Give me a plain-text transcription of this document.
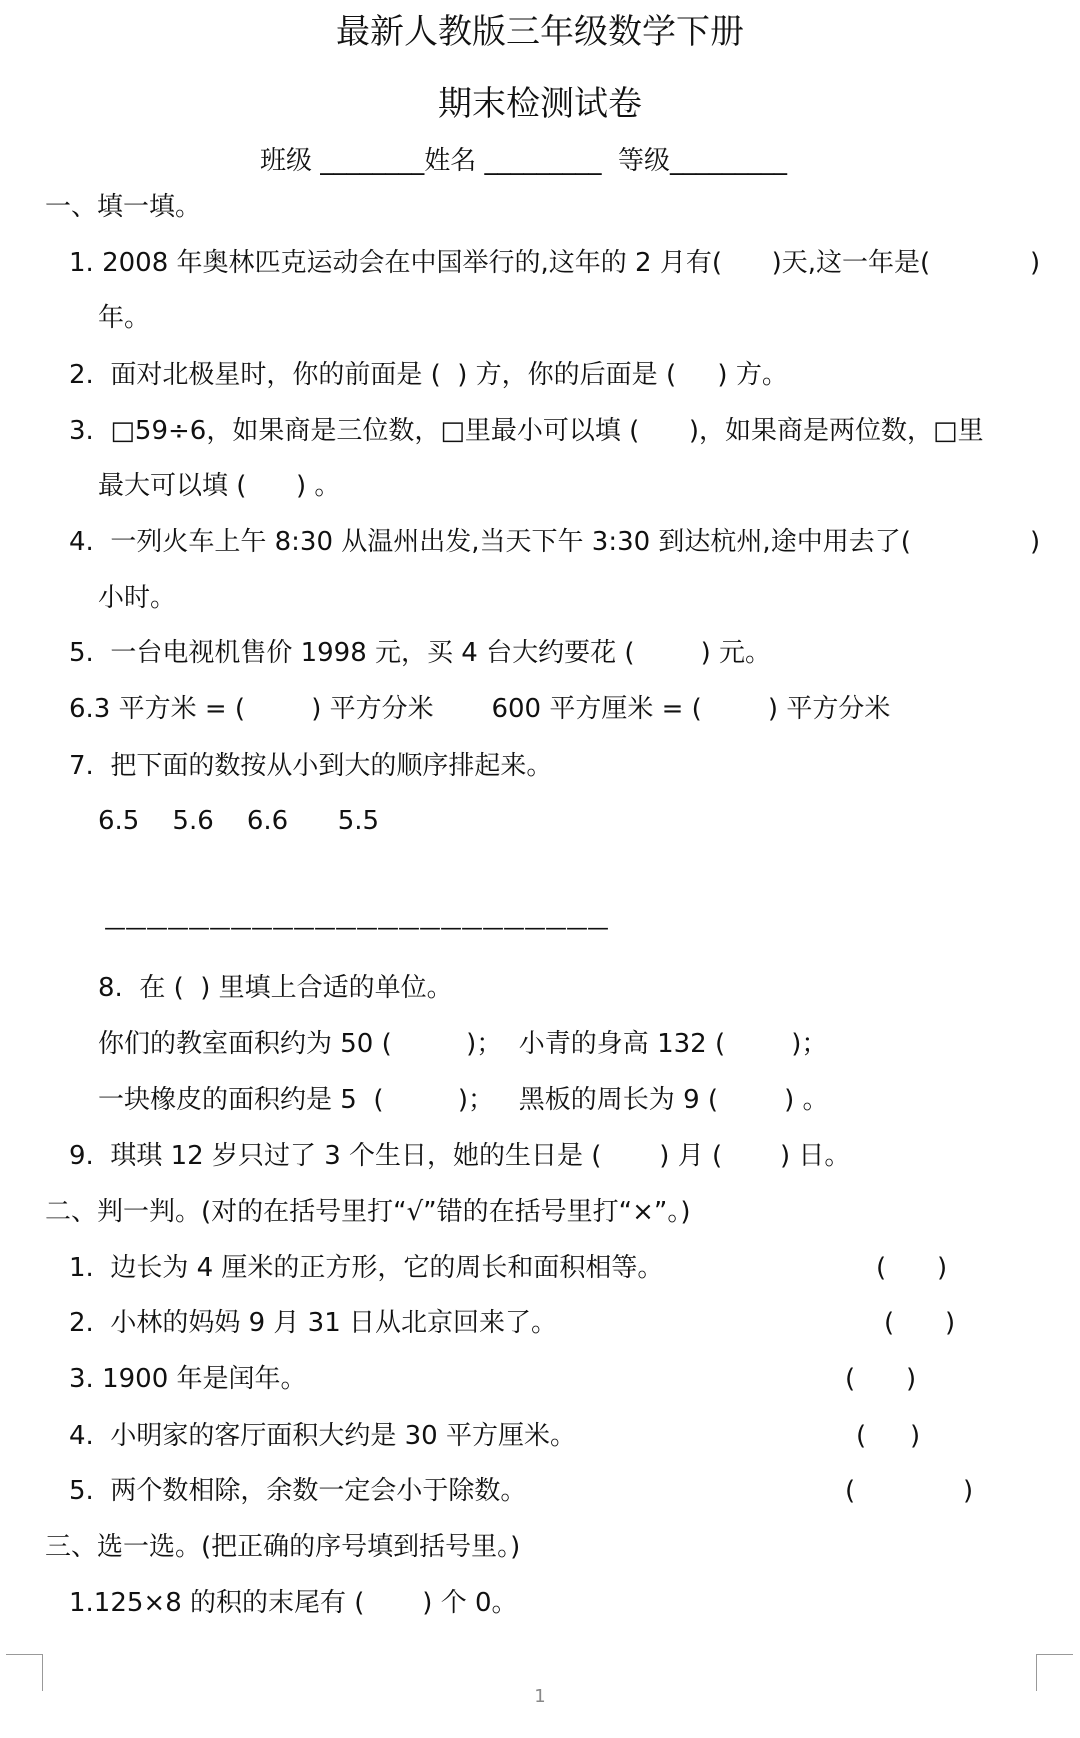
最新人教版三年级数学下册
期末检测试卷
班级 ________姓名 _________  等级_________
一、填一填。
1. 2008 年奥林匹克运动会在中国举行的,这年的 2 月有(      )天,这一年是(	)
年。
2.  面对北极星时，你的前面是 (  ) 方，你的后面是 (     ) 方。
3.  □59÷6，如果商是三位数，□里最小可以填 (      )，如果商是两位数，□里
最大可以填 (      ) 。
4.  一列火车上午 8:30 从温州出发,当天下午 3:30 到达杭州,途中用去了(	)
小时。
5.  一台电视机售价 1998 元，买 4 台大约要花 (        ) 元。
6.3 平方米 = (        ) 平方分米       600 平方厘米 = (        ) 平方分米
7.  把下面的数按从小到大的顺序排起来。
6.5    5.6    6.6      5.5
————————————————————————
8.  在 (  ) 里填上合适的单位。
你们的教室面积约为 50 (         )；  小青的身高 132 (        )；
一块橡皮的面积约是 5  (         )；   黑板的周长为 9 (        ) 。
9.  琪琪 12 岁只过了 3 个生日，她的生日是 (       ) 月 (       ) 日。
二、判一判。(对的在括号里打“√”错的在括号里打“×”。)
1.  边长为 4 厘米的正方形，它的周长和面积相等。	( )
2.  小林的妈妈 9 月 31 日从北京回来了。	( )
3. 1900 年是闰年。	( )
4.  小明家的客厅面积大约是 30 平方厘米。	( )
5.  两个数相除，余数一定会小于除数。	(	)
三、选一选。(把正确的序号填到括号里。)
1.125×8 的积的末尾有 (       ) 个 0。
1
